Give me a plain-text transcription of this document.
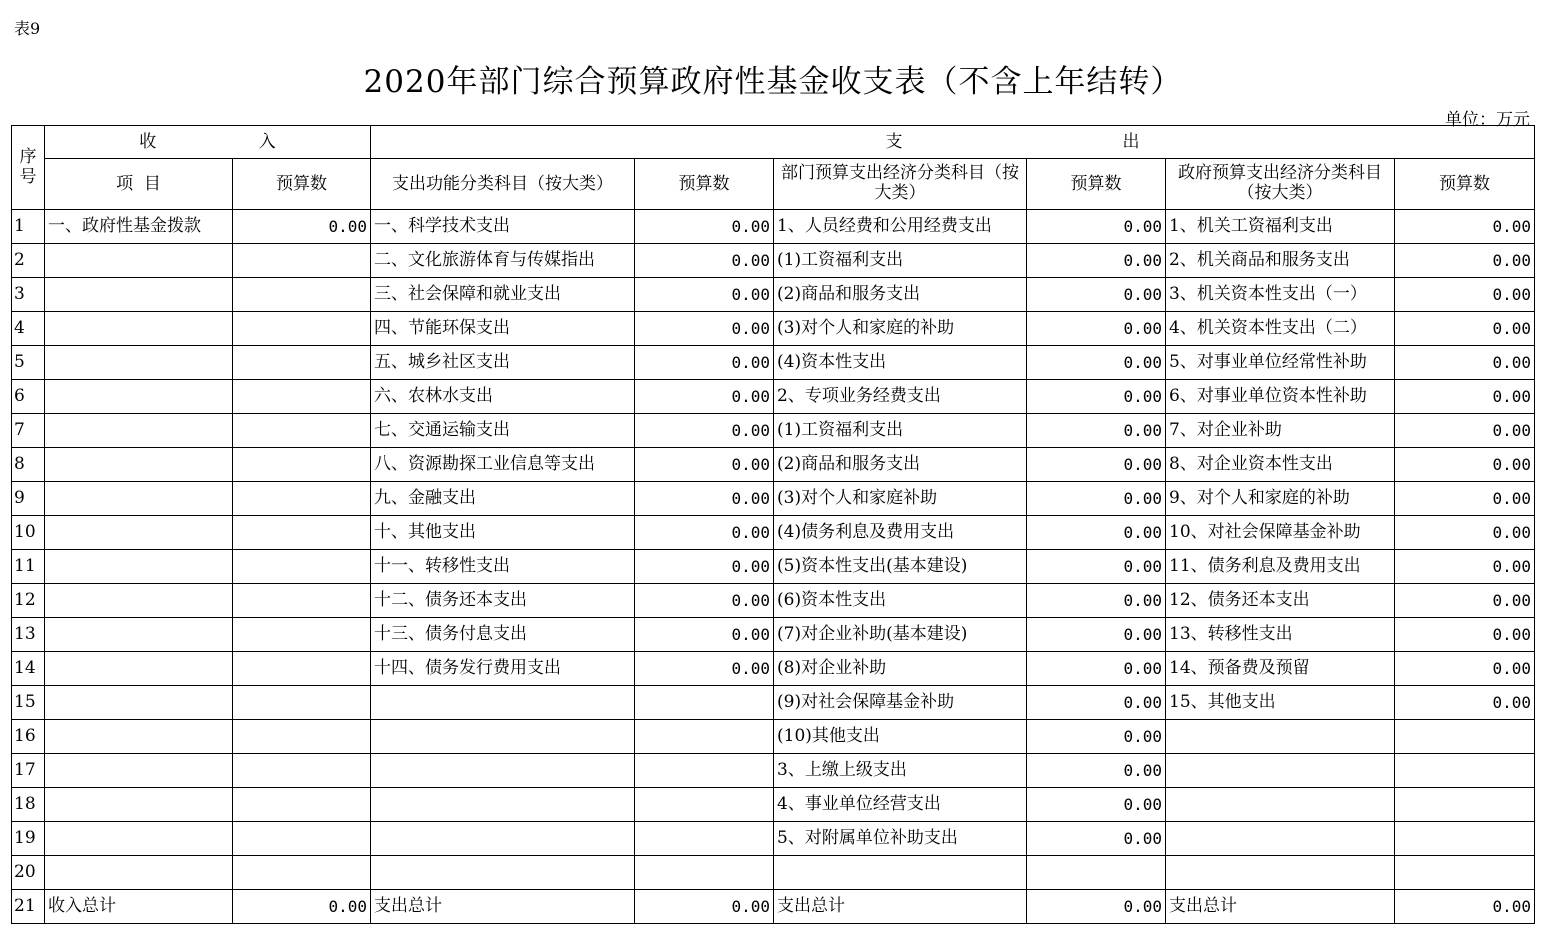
表9
2020年部门综合预算政府性基金收支表（不含上年结转）
单位：万元
序号	收 入		支 出					

	项  目	预算数	支出功能分类科目（按大类）	预算数	部门预算支出经济分类科目（按大类）	预算数	政府预算支出经济分类科目（按大类）	预算数
1	一、政府性基金拨款	0.00	一、科学技术支出	0.00	1、人员经费和公用经费支出	0.00	1、机关工资福利支出	0.00
2			二、文化旅游体育与传媒指出	0.00	(1)工资福利支出	0.00	2、机关商品和服务支出	0.00
3			三、社会保障和就业支出	0.00	(2)商品和服务支出	0.00	3、机关资本性支出（一）	0.00
4			四、节能环保支出	0.00	(3)对个人和家庭的补助	0.00	4、机关资本性支出（二）	0.00
5			五、城乡社区支出	0.00	(4)资本性支出	0.00	5、对事业单位经常性补助	0.00
6			六、农林水支出	0.00	2、专项业务经费支出	0.00	6、对事业单位资本性补助	0.00
7			七、交通运输支出	0.00	(1)工资福利支出	0.00	7、对企业补助	0.00
8			八、资源勘探工业信息等支出	0.00	(2)商品和服务支出	0.00	8、对企业资本性支出	0.00
9			九、金融支出	0.00	(3)对个人和家庭补助	0.00	9、对个人和家庭的补助	0.00
10			十、其他支出	0.00	(4)债务利息及费用支出	0.00	10、对社会保障基金补助	0.00
11			十一、转移性支出	0.00	(5)资本性支出(基本建设)	0.00	11、债务利息及费用支出	0.00
12			十二、债务还本支出	0.00	(6)资本性支出	0.00	12、债务还本支出	0.00
13			十三、债务付息支出	0.00	(7)对企业补助(基本建设)	0.00	13、转移性支出	0.00
14			十四、债务发行费用支出	0.00	(8)对企业补助	0.00	14、预备费及预留	0.00
15					(9)对社会保障基金补助	0.00	15、其他支出	0.00
16					(10)其他支出	0.00		
17					3、上缴上级支出	0.00		
18					4、事业单位经营支出	0.00		
19					5、对附属单位补助支出	0.00		
20								
21	收入总计	0.00	支出总计	0.00	支出总计	0.00	支出总计	0.00
